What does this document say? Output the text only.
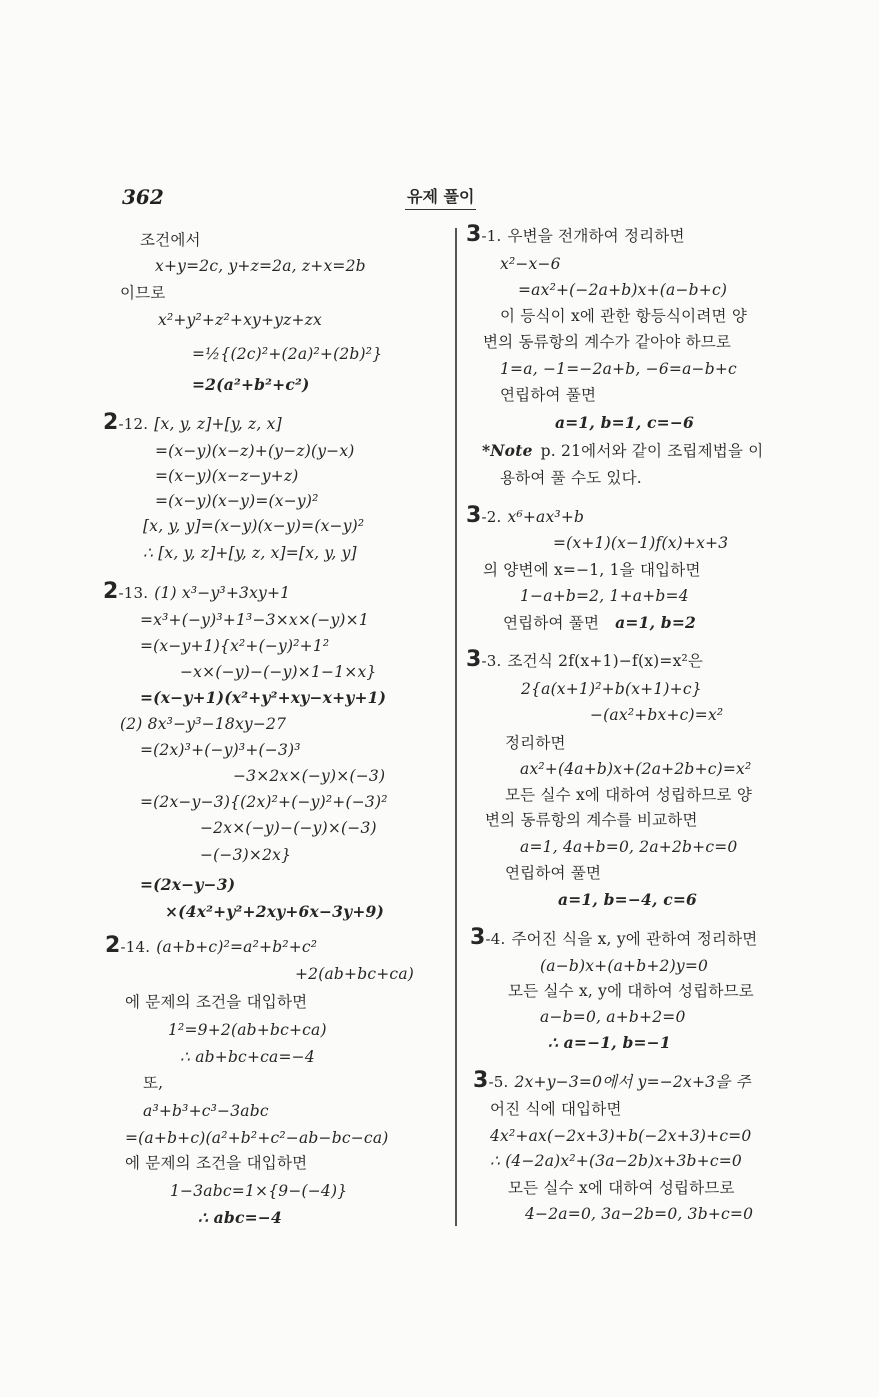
362	유제 풀이
조건에서
x+y=2c, y+z=2a, z+x=2b
이므로
x²+y²+z²+xy+yz+zx
=½{(2c)²+(2a)²+(2b)²}
=2(a²+b²+c²)
2-12. [x, y, z]+[y, z, x]
=(x−y)(x−z)+(y−z)(y−x)
=(x−y)(x−z−y+z)
=(x−y)(x−y)=(x−y)²
[x, y, y]=(x−y)(x−y)=(x−y)²
∴ [x, y, z]+[y, z, x]=[x, y, y]
2-13. (1) x³−y³+3xy+1
=x³+(−y)³+1³−3×x×(−y)×1
=(x−y+1){x²+(−y)²+1²
−x×(−y)−(−y)×1−1×x}
=(x−y+1)(x²+y²+xy−x+y+1)
(2) 8x³−y³−18xy−27
=(2x)³+(−y)³+(−3)³
−3×2x×(−y)×(−3)
=(2x−y−3){(2x)²+(−y)²+(−3)²
−2x×(−y)−(−y)×(−3)
−(−3)×2x}
=(2x−y−3)
×(4x²+y²+2xy+6x−3y+9)
2-14. (a+b+c)²=a²+b²+c²
+2(ab+bc+ca)
에 문제의 조건을 대입하면
1²=9+2(ab+bc+ca)
∴ ab+bc+ca=−4
또,
a³+b³+c³−3abc
=(a+b+c)(a²+b²+c²−ab−bc−ca)
에 문제의 조건을 대입하면
1−3abc=1×{9−(−4)}
∴ abc=−4
3-1. 우변을 전개하여 정리하면
x²−x−6
=ax²+(−2a+b)x+(a−b+c)
이 등식이 x에 관한 항등식이려면 양
변의 동류항의 계수가 같아야 하므로
1=a, −1=−2a+b, −6=a−b+c
연립하여 풀면
a=1, b=1, c=−6
*Note p. 21에서와 같이 조립제법을 이
용하여 풀 수도 있다.
3-2. x⁶+ax³+b
=(x+1)(x−1)f(x)+x+3
의 양변에 x=−1, 1을 대입하면
1−a+b=2, 1+a+b=4
연립하여 풀면 a=1, b=2
3-3. 조건식 2f(x+1)−f(x)=x²은
2{a(x+1)²+b(x+1)+c}
−(ax²+bx+c)=x²
정리하면
ax²+(4a+b)x+(2a+2b+c)=x²
모든 실수 x에 대하여 성립하므로 양
변의 동류항의 계수를 비교하면
a=1, 4a+b=0, 2a+2b+c=0
연립하여 풀면
a=1, b=−4, c=6
3-4. 주어진 식을 x, y에 관하여 정리하면
(a−b)x+(a+b+2)y=0
모든 실수 x, y에 대하여 성립하므로
a−b=0, a+b+2=0
∴ a=−1, b=−1
3-5. 2x+y−3=0에서 y=−2x+3을 주
어진 식에 대입하면
4x²+ax(−2x+3)+b(−2x+3)+c=0
∴ (4−2a)x²+(3a−2b)x+3b+c=0
모든 실수 x에 대하여 성립하므로
4−2a=0, 3a−2b=0, 3b+c=0
